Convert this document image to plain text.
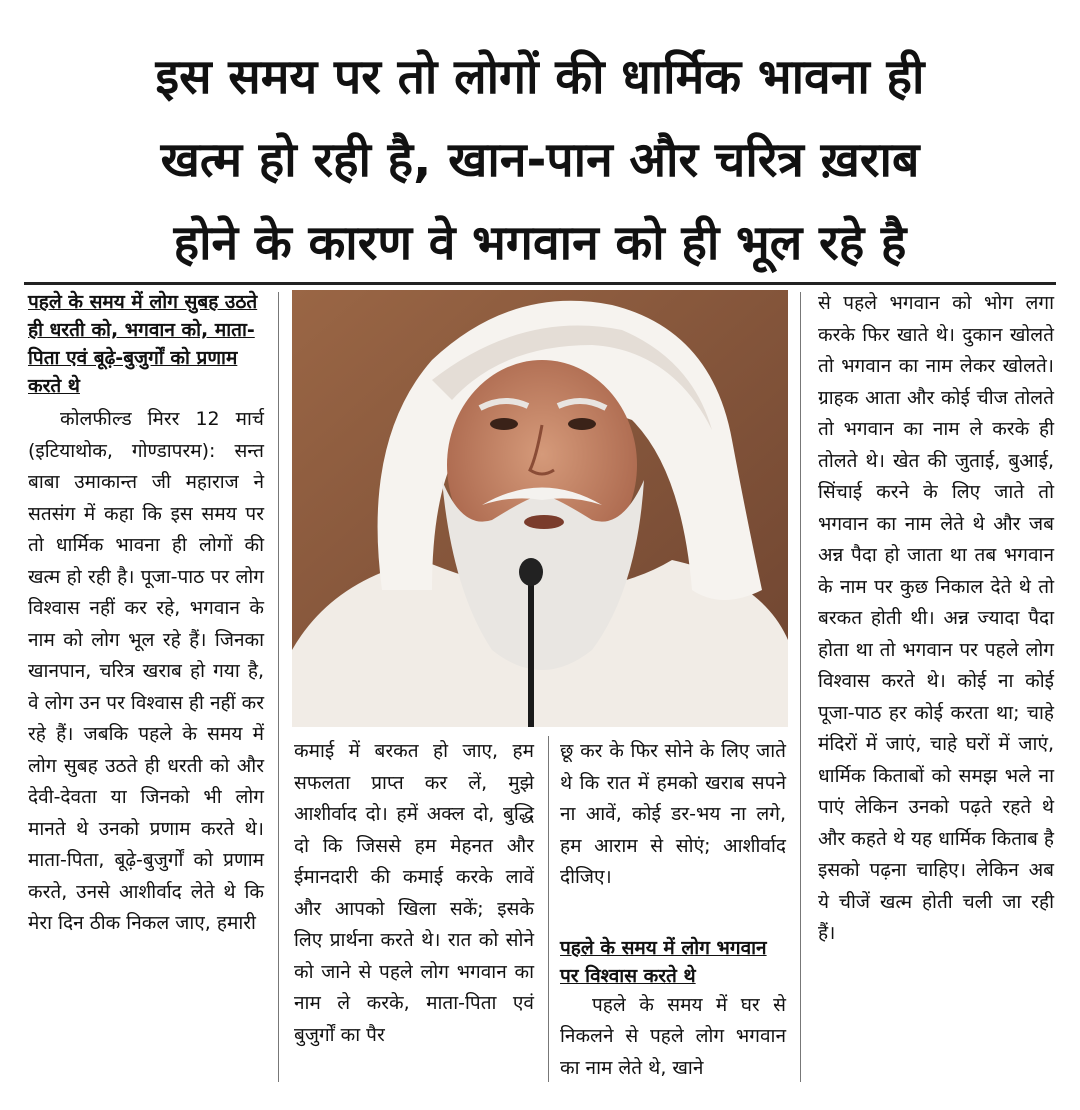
इस समय पर तो लोगों की धार्मिक भावना ही
खत्म हो रही है, खान-पान और चरित्र ख़राब
होने के कारण वे भगवान को ही भूल रहे है

पहले के समय में लोग सुबह उठते ही धरती को, भगवान को, माता-पिता एवं बूढ़े-बुजुर्गों को प्रणाम करते थे

कोलफील्ड मिरर 12 मार्च (इटियाथोक, गोण्डापरम): सन्त बाबा उमाकान्त जी महाराज ने सतसंग में कहा कि इस समय पर तो धार्मिक भावना ही लोगों की खत्म हो रही है। पूजा-पाठ पर लोग विश्वास नहीं कर रहे, भगवान के नाम को लोग भूल रहे हैं। जिनका खानपान, चरित्र खराब हो गया है, वे लोग उन पर विश्वास ही नहीं कर रहे हैं। जबकि पहले के समय में लोग सुबह उठते ही धरती को और देवी-देवता या जिनको भी लोग मानते थे उनको प्रणाम करते थे। माता-पिता, बूढ़े-बुजुर्गों को प्रणाम करते, उनसे आशीर्वाद लेते थे कि मेरा दिन ठीक निकल जाए, हमारी

कमाई में बरकत हो जाए, हम सफलता प्राप्त कर लें, मुझे आशीर्वाद दो। हमें अक्ल दो, बुद्धि दो कि जिससे हम मेहनत और ईमानदारी की कमाई करके लावें और आपको खिला सकें; इसके लिए प्रार्थना करते थे। रात को सोने को जाने से पहले लोग भगवान का नाम ले करके, माता-पिता एवं बुजुर्गों का पैर

छू कर के फिर सोने के लिए जाते थे कि रात में हमको खराब सपने ना आवें, कोई डर-भय ना लगे, हम आराम से सोएं; आशीर्वाद दीजिए।

पहले के समय में लोग भगवान पर विश्वास करते थे

पहले के समय में घर से निकलने से पहले लोग भगवान का नाम लेते थे, खाने

से पहले भगवान को भोग लगा करके फिर खाते थे। दुकान खोलते तो भगवान का नाम लेकर खोलते। ग्राहक आता और कोई चीज तोलते तो भगवान का नाम ले करके ही तोलते थे। खेत की जुताई, बुआई, सिंचाई करने के लिए जाते तो भगवान का नाम लेते थे और जब अन्न पैदा हो जाता था तब भगवान के नाम पर कुछ निकाल देते थे तो बरकत होती थी। अन्न ज्यादा पैदा होता था तो भगवान पर पहले लोग विश्वास करते थे। कोई ना कोई पूजा-पाठ हर कोई करता था; चाहे मंदिरों में जाएं, चाहे घरों में जाएं, धार्मिक किताबों को समझ भले ना पाएं लेकिन उनको पढ़ते रहते थे और कहते थे यह धार्मिक किताब है इसको पढ़ना चाहिए। लेकिन अब ये चीजें खत्म होती चली जा रही हैं।
